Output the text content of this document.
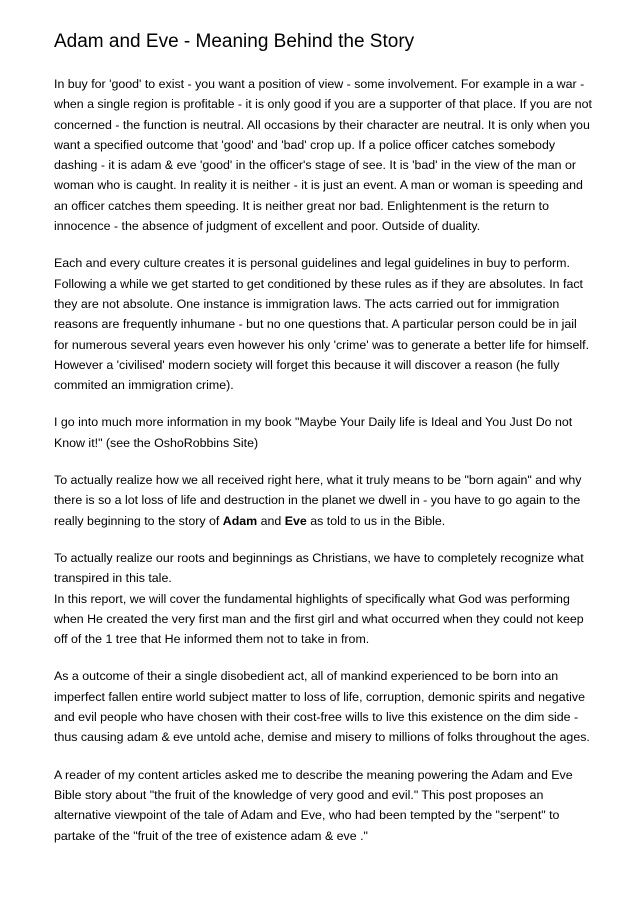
Adam and Eve - Meaning Behind the Story

In buy for 'good' to exist - you want a position of view - some involvement. For example in a war - when a single region is profitable - it is only good if you are a supporter of that place. If you are not concerned - the function is neutral. All occasions by their character are neutral. It is only when you want a specified outcome that 'good' and 'bad' crop up. If a police officer catches somebody dashing - it is adam & eve 'good' in the officer's stage of see. It is 'bad' in the view of the man or woman who is caught. In reality it is neither - it is just an event. A man or woman is speeding and an officer catches them speeding. It is neither great nor bad. Enlightenment is the return to innocence - the absence of judgment of excellent and poor. Outside of duality.

Each and every culture creates it is personal guidelines and legal guidelines in buy to perform. Following a while we get started to get conditioned by these rules as if they are absolutes. In fact they are not absolute. One instance is immigration laws. The acts carried out for immigration reasons are frequently inhumane - but no one questions that. A particular person could be in jail for numerous several years even however his only 'crime' was to generate a better life for himself. However a 'civilised' modern society will forget this because it will discover a reason (he fully commited an immigration crime).

I go into much more information in my book "Maybe Your Daily life is Ideal and You Just Do not Know it!" (see the OshoRobbins Site)

To actually realize how we all received right here, what it truly means to be "born again" and why there is so a lot loss of life and destruction in the planet we dwell in - you have to go again to the really beginning to the story of Adam and Eve as told to us in the Bible.

To actually realize our roots and beginnings as Christians, we have to completely recognize what transpired in this tale.

In this report, we will cover the fundamental highlights of specifically what God was performing when He created the very first man and the first girl and what occurred when they could not keep off of the 1 tree that He informed them not to take in from.

As a outcome of their a single disobedient act, all of mankind experienced to be born into an imperfect fallen entire world subject matter to loss of life, corruption, demonic spirits and negative and evil people who have chosen with their cost-free wills to live this existence on the dim side - thus causing adam & eve untold ache, demise and misery to millions of folks throughout the ages.

A reader of my content articles asked me to describe the meaning powering the Adam and Eve Bible story about "the fruit of the knowledge of very good and evil." This post proposes an alternative viewpoint of the tale of Adam and Eve, who had been tempted by the "serpent" to partake of the "fruit of the tree of existence adam & eve ."
